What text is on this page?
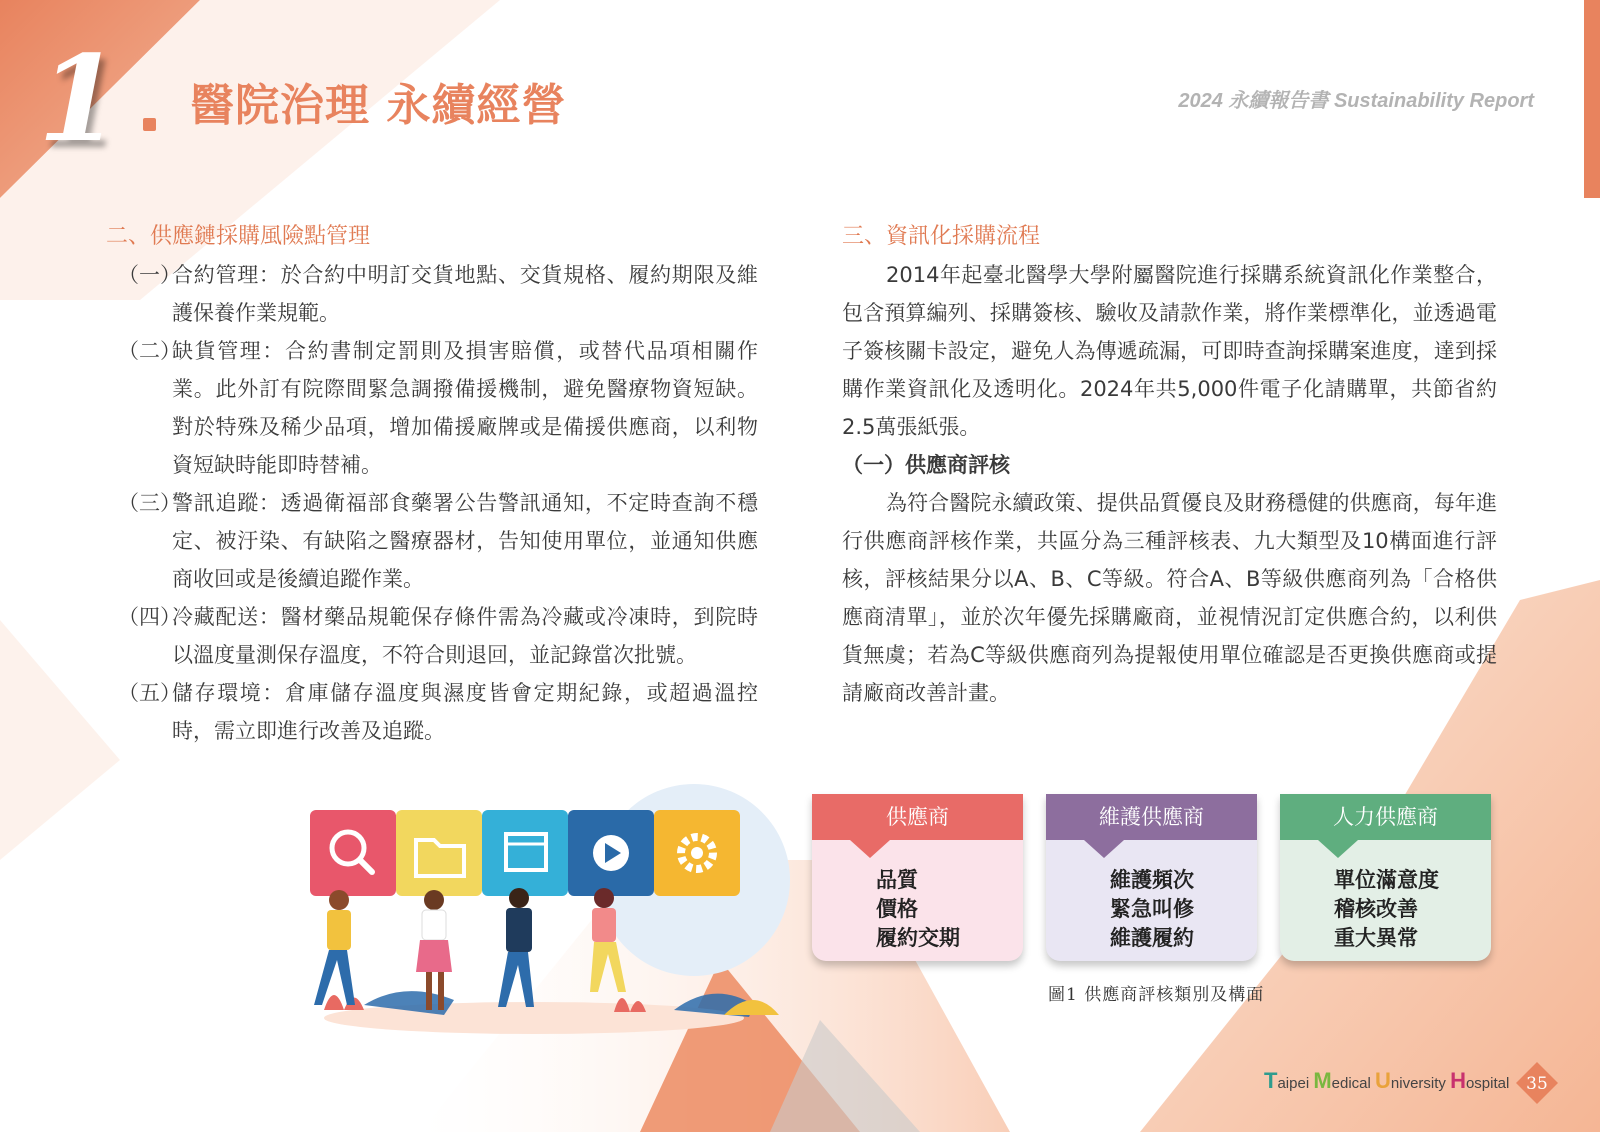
1 醫院治理 永續經營	2024 永續報告書 Sustainability Report
二、供應鏈採購風險點管理
（一）
合約管理：於合約中明訂交貨地點、交貨規格、履約期限及維護保養作業規範。
（二）
缺貨管理：合約書制定罰則及損害賠償，或替代品項相關作業。此外訂有院際間緊急調撥備援機制，避免醫療物資短缺。對於特殊及稀少品項，增加備援廠牌或是備援供應商，以利物資短缺時能即時替補。
（三）
警訊追蹤：透過衛福部食藥署公告警訊通知，不定時查詢不穩定、被汙染、有缺陷之醫療器材，告知使用單位，並通知供應商收回或是後續追蹤作業。
（四）
冷藏配送：醫材藥品規範保存條件需為冷藏或冷凍時，到院時以溫度量測保存溫度，不符合則退回，並記錄當次批號。
（五）
儲存環境：倉庫儲存溫度與濕度皆會定期紀錄，或超過溫控時，需立即進行改善及追蹤。
三、資訊化採購流程

2014年起臺北醫學大學附屬醫院進行採購系統資訊化作業整合，包含預算編列、採購簽核、驗收及請款作業，將作業標準化，並透過電子簽核關卡設定，避免人為傳遞疏漏，可即時查詢採購案進度，達到採購作業資訊化及透明化。2024年共5,000件電子化請購單，共節省約2.5萬張紙張。

（一）供應商評核

為符合醫院永續政策、提供品質優良及財務穩健的供應商，每年進行供應商評核作業，共區分為三種評核表、九大類型及10構面進行評核，評核結果分以A、B、C等級。符合A、B等級供應商列為「合格供應商清單」，並於次年優先採購廠商，並視情況訂定供應合約，以利供貨無虞；若為C等級供應商列為提報使用單位確認是否更換供應商或提請廠商改善計畫。

供應商
品質
價格
履約交期
維護供應商
維護頻次
緊急叫修
維護履約
人力供應商
單位滿意度
稽核改善
重大異常
圖1 供應商評核類別及構面
Taipei Medical University Hospital 35
